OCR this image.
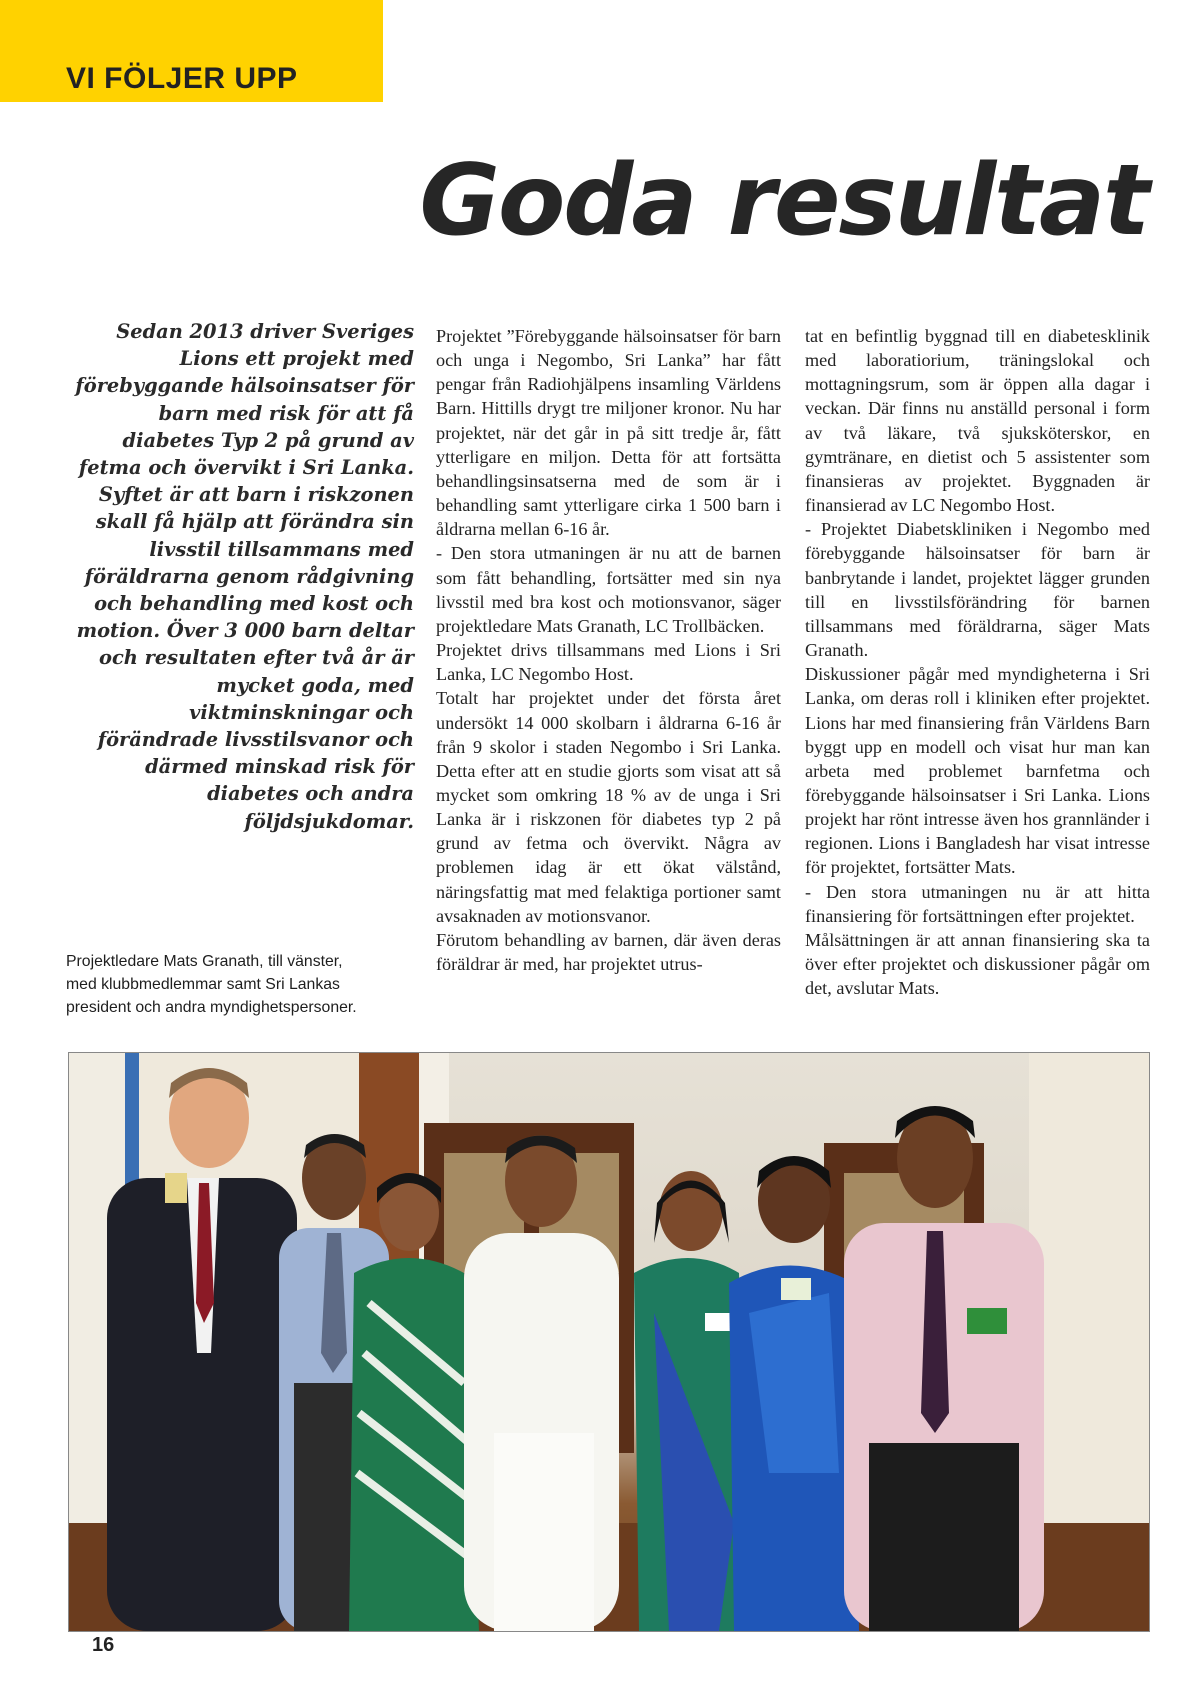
VI FÖLJER UPP
Goda resultat

Sedan 2013 driver Sveriges Lions ett projekt med förebyggande hälsoinsatser för barn med risk för att få diabetes Typ 2 på grund av fetma och övervikt i Sri Lanka. Syftet är att barn i riskzonen skall få hjälp att förändra sin livsstil tillsammans med föräldrarna genom rådgivning och behandling med kost och motion. Över 3 000 barn deltar och resultaten efter två år är mycket goda, med viktminskningar och förändrade livsstilsvanor och därmed minskad risk för diabetes och andra följdsjukdomar.

Projektet ”Förebyggande hälsoinsatser för barn och unga i Negombo, Sri Lanka” har fått pengar från Radiohjälpens insamling Världens Barn. Hittills drygt tre miljoner kronor. Nu har projektet, när det går in på sitt tredje år, fått ytterligare en miljon. Detta för att fortsätta behandlingsinsatserna med de som är i behandling samt ytterligare cirka 1 500 barn i åldrarna mellan 6-16 år.

- Den stora utmaningen är nu att de barnen som fått behandling, fortsätter med sin nya livsstil med bra kost och motionsvanor, säger projektledare Mats Granath, LC Trollbäcken.

Projektet drivs tillsammans med Lions i Sri Lanka, LC Negombo Host.

Totalt har projektet under det första året undersökt 14 000 skolbarn i åldrarna 6-16 år från 9 skolor i staden Negombo i Sri Lanka. Detta efter att en studie gjorts som visat att så mycket som omkring 18 % av de unga i Sri Lanka är i riskzonen för diabetes typ 2 på grund av fetma och övervikt. Några av problemen idag är ett ökat välstånd, näringsfattig mat med felaktiga portioner samt avsaknaden av motionsvanor.

Förutom behandling av barnen, där även deras föräldrar är med, har projektet utrus-

tat en befintlig byggnad till en diabetesklinik med laboratiorium, träningslokal och mottagningsrum, som är öppen alla dagar i veckan. Där finns nu anställd personal i form av två läkare, två sjuksköterskor, en gymtränare, en dietist och 5 assistenter som finansieras av projektet. Byggnaden är finansierad av LC Negombo Host.

- Projektet Diabetskliniken i Negombo med förebyggande hälsoinsatser för barn är banbrytande i landet, projektet lägger grunden till en livsstilsförändring för barnen tillsammans med föräldrarna, säger Mats Granath.

Diskussioner pågår med myndigheterna i Sri Lanka, om deras roll i kliniken efter projektet. Lions har med finansiering från Världens Barn byggt upp en modell och visat hur man kan arbeta med problemet barnfetma och förebyggande hälsoinsatser i Sri Lanka. Lions projekt har rönt intresse även hos grannländer i regionen. Lions i Bangladesh har visat intresse för projektet, fortsätter Mats.

- Den stora utmaningen nu är att hitta finansiering för fortsättningen efter projektet.

Målsättningen är att annan finansiering ska ta över efter projektet och diskussioner pågår om det, avslutar Mats.

Projektledare Mats Granath, till vänster, med klubbmedlemmar samt Sri Lankas president och andra myndighetspersoner.

16
